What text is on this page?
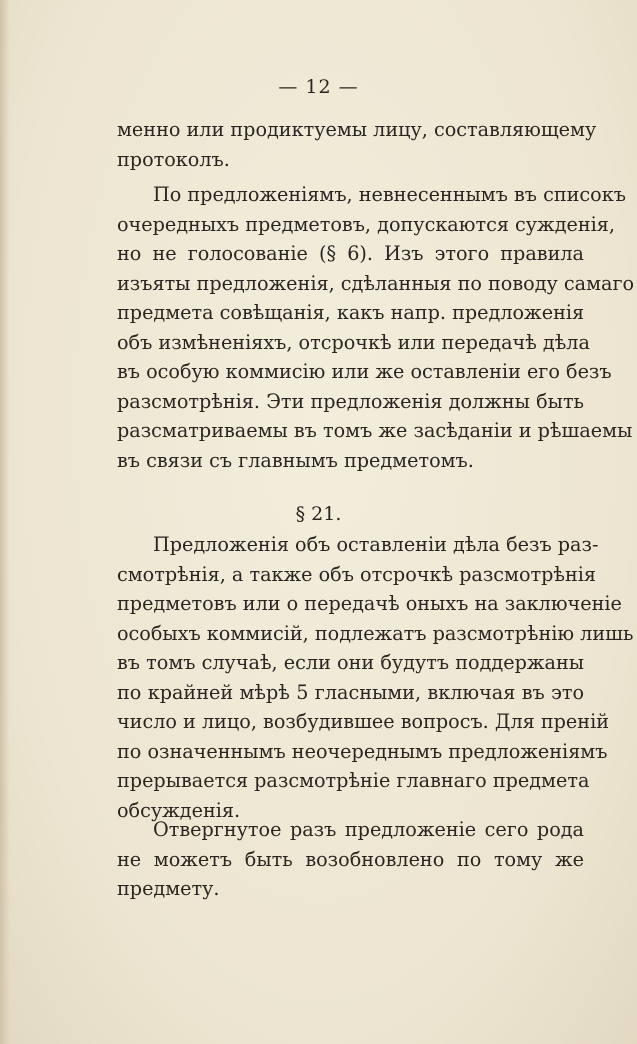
— 12 —
менно или продиктуемы лицу, составляющему
протоколъ.
По предложеніямъ, невнесеннымъ въ списокъ
очередныхъ предметовъ, допускаются сужденія,
но не голосованіе (§ 6). Изъ этого правила
изъяты предложенія, сдѣланныя по поводу самаго
предмета совѣщанія, какъ напр. предложенія
объ измѣненіяхъ, отсрочкѣ или передачѣ дѣла
въ особую коммисію или же оставленіи его безъ
разсмотрѣнія. Эти предложенія должны быть
разсматриваемы въ томъ же засѣданіи и рѣшаемы
въ связи съ главнымъ предметомъ.
§ 21.
Предложенія объ оставленіи дѣла безъ раз-
смотрѣнія, а также объ отсрочкѣ разсмотрѣнія
предметовъ или о передачѣ оныхъ на заключеніе
особыхъ коммисій, подлежатъ разсмотрѣнію лишь
въ томъ случаѣ, если они будутъ поддержаны
по крайней мѣрѣ 5 гласными, включая въ это
число и лицо, возбудившее вопросъ. Для преній
по означеннымъ неочереднымъ предложеніямъ
прерывается разсмотрѣніе главнаго предмета
обсужденія.
Отвергнутое разъ предложеніе сего рода
не можетъ быть возобновлено по тому же
предмету.
